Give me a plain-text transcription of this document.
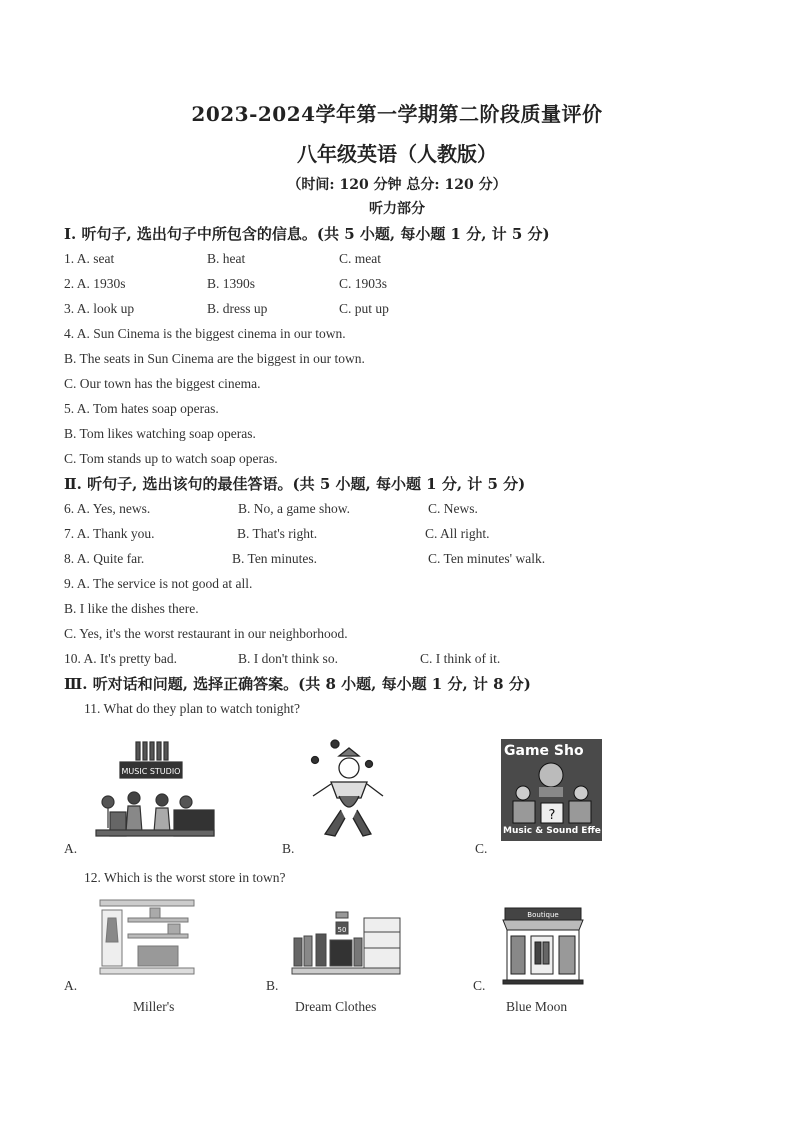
2023-2024学年第一学期第二阶段质量评价
八年级英语（人教版）
（时间: 120 分钟 总分: 120 分）
听力部分
Ⅰ. 听句子, 选出句子中所包含的信息。(共 5 小题, 每小题 1 分, 计 5 分)
1. A. seat	B. heat	C. meat
2. A. 1930s	B. 1390s	C. 1903s
3. A. look up	B. dress up	C. put up
4. A. Sun Cinema is the biggest cinema in our town.
B. The seats in Sun Cinema are the biggest in our town.
C. Our town has the biggest cinema.
5. A. Tom hates soap operas.
B. Tom likes watching soap operas.
C. Tom stands up to watch soap operas.
Ⅱ. 听句子, 选出该句的最佳答语。(共 5 小题, 每小题 1 分, 计 5 分)
6. A. Yes, news.	B. No, a game show.	C. News.
7. A. Thank you.	B. That's right.	C. All right.
8. A. Quite far.	B. Ten minutes.	C. Ten minutes' walk.
9. A. The service is not good at all.
B. I like the dishes there.
C. Yes, it's the worst restaurant in our neighborhood.
10. A. It's pretty bad.	B. I don't think so.	C. I think of it.
Ⅲ. 听对话和问题, 选择正确答案。(共 8 小题, 每小题 1 分, 计 8 分)
11. What do they plan to watch tonight?
MUSIC STUDIO
A.	B.
Game Sho
?
Music & Sound Effe
C.
12. Which is the worst store in town?
A.
Miller's
50
B.
Dream Clothes
Boutique
C.
Blue Moon
